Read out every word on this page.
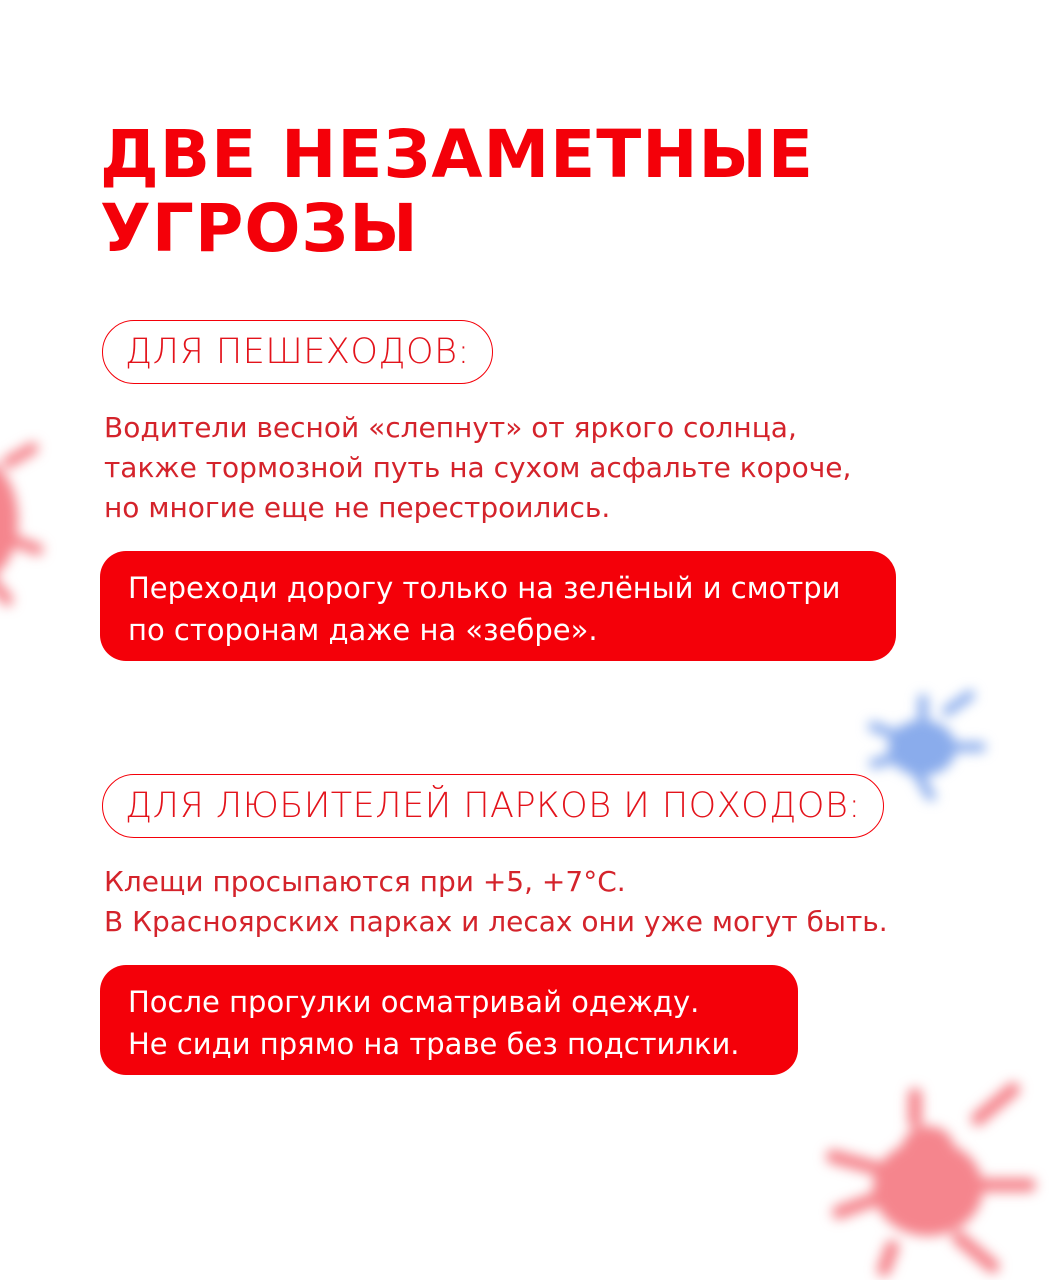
ДВЕ НЕЗАМЕТНЫЕ
УГРОЗЫ
ДЛЯ ПЕШЕХОДОВ:

Водители весной «слепнут» от яркого солнца,
также тормозной путь на сухом асфальте короче,
но многие еще не перестроились.

Переходи дорогу только на зелёный и смотри
по сторонам даже на «зебре».
ДЛЯ ЛЮБИТЕЛЕЙ ПАРКОВ И ПОХОДОВ:

Клещи просыпаются при +5, +7°С.
В Красноярских парках и лесах они уже могут быть.

После прогулки осматривай одежду.
Не сиди прямо на траве без подстилки.
